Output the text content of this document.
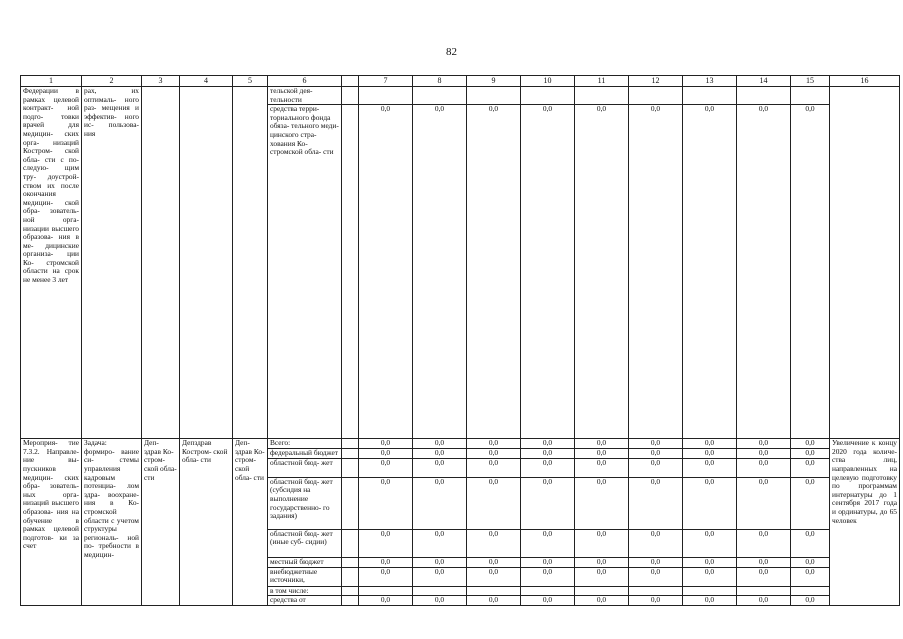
82
1	2	3	4	5	6		7	8	9	10	11	12	13	14	15	16
Федерации в рамках целевой контракт- ной подго- товки врачей для медицин- ских орга- низаций Костром- ской обла- сти с по- следую- щим тру- доустрой- ством их после окончания медицин- ской обра- зователь- ной орга- низации высшего образова- ния в ме- дицинские организа- ции Ко- стромской области на срок не менее 3 лет	рах, их оптималь- ного раз- мещения и эффектив- ного ис- пользова- ния				тельской дея- тельности											
					средства терри- ториального фонда обяза- тельного меди- цинского стра- хования Ко- стромской обла- сти		0,0	0,0	0,0	0,0	0,0	0,0	0,0	0,0	0,0	
Мероприя- тие 7.3.2. Направле- ние вы- пускников медицин- ских обра- зователь- ных орга- низаций высшего образова- ния на обучение в рамках целевой подготов- ки за счет	Задача: формиро- вание си- стемы управления кадровым потенциа- лом здра- воохране- ния в Ко- стромской области с учетом структуры региональ- ной по- требности в медицин-	Деп- здрав Ко- стром- ской обла- сти	Депздрав Костром- ской обла- сти	Деп- здрав Ко- стром- ской обла- сти	Всего:		0,0	0,0	0,0	0,0	0,0	0,0	0,0	0,0	0,0	Увеличение к концу 2020 года количе- ства лиц, направленных на целевую подготовку по программам интернатуры до 1 сентября 2017 года и ординатуры, до 65 человек
					федеральный бюджет		0,0	0,0	0,0	0,0	0,0	0,0	0,0	0,0	0,0	
					областной бюд- жет		0,0	0,0	0,0	0,0	0,0	0,0	0,0	0,0	0,0	
					областной бюд- жет (субсидия на выполнение государственно- го задания)		0,0	0,0	0,0	0,0	0,0	0,0	0,0	0,0	0,0	
					областной бюд- жет (иные суб- сидии)		0,0	0,0	0,0	0,0	0,0	0,0	0,0	0,0	0,0	
					местный бюджет		0,0	0,0	0,0	0,0	0,0	0,0	0,0	0,0	0,0	
					внебюджетные источники,		0,0	0,0	0,0	0,0	0,0	0,0	0,0	0,0	0,0	
					в том числе:											
					средства от		0,0	0,0	0,0	0,0	0,0	0,0	0,0	0,0	0,0	
